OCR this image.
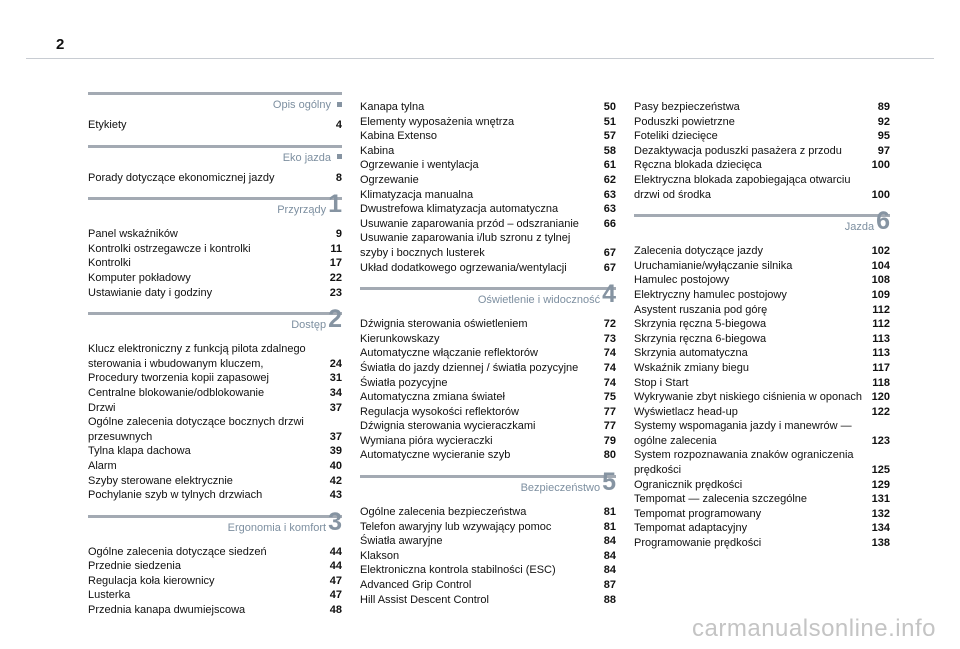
2
Opis ogólny
Etykiety	4
Eko jazda
Porady dotyczące ekonomicznej jazdy	8
Przyrządy1
Panel wskaźników	9
Kontrolki ostrzegawcze i kontrolki	11
Kontrolki	17
Komputer pokładowy	22
Ustawianie daty i godziny	23
Dostęp2
Klucz elektroniczny z funkcją pilota zdalnego sterowania i wbudowanym kluczem,	24
Procedury tworzenia kopii zapasowej	31
Centralne blokowanie/odblokowanie	34
Drzwi	37
Ogólne zalecenia dotyczące bocznych drzwi przesuwnych	37
Tylna klapa dachowa	39
Alarm	40
Szyby sterowane elektrycznie	42
Pochylanie szyb w tylnych drzwiach	43
Ergonomia i komfort3
Ogólne zalecenia dotyczące siedzeń	44
Przednie siedzenia	44
Regulacja koła kierownicy	47
Lusterka	47
Przednia kanapa dwumiejscowa	48
Kanapa tylna	50
Elementy wyposażenia wnętrza	51
Kabina Extenso	57
Kabina	58
Ogrzewanie i wentylacja	61
Ogrzewanie	62
Klimatyzacja manualna	63
Dwustrefowa klimatyzacja automatyczna	63
Usuwanie zaparowania przód – odszranianie	66
Usuwanie zaparowania i/lub szronu z tylnej szyby i bocznych lusterek	67
Układ dodatkowego ogrzewania/wentylacji	67
Oświetlenie i widoczność4
Dźwignia sterowania oświetleniem	72
Kierunkowskazy	73
Automatyczne włączanie reflektorów	74
Światła do jazdy dziennej / światła pozycyjne	74
Światła pozycyjne	74
Automatyczna zmiana świateł	75
Regulacja wysokości reflektorów	77
Dźwignia sterowania wycieraczkami	77
Wymiana pióra wycieraczki	79
Automatyczne wycieranie szyb	80
Bezpieczeństwo5
Ogólne zalecenia bezpieczeństwa	81
Telefon awaryjny lub wzywający pomoc	81
Światła awaryjne	84
Klakson	84
Elektroniczna kontrola stabilności (ESC)	84
Advanced Grip Control	87
Hill Assist Descent Control	88
Pasy bezpieczeństwa	89
Poduszki powietrzne	92
Foteliki dziecięce	95
Dezaktywacja poduszki pasażera z przodu	97
Ręczna blokada dziecięca	100
Elektryczna blokada zapobiegająca otwarciu drzwi od środka	100
Jazda6
Zalecenia dotyczące jazdy	102
Uruchamianie/wyłączanie silnika	104
Hamulec postojowy	108
Elektryczny hamulec postojowy	109
Asystent ruszania pod górę	112
Skrzynia ręczna 5-biegowa	112
Skrzynia ręczna 6-biegowa	113
Skrzynia automatyczna	113
Wskaźnik zmiany biegu	117
Stop i Start	118
Wykrywanie zbyt niskiego ciśnienia w oponach 120
Wyświetlacz head-up	122
Systemy wspomagania jazdy i manewrów — ogólne zalecenia	123
System rozpoznawania znaków ograniczenia prędkości	125
Ogranicznik prędkości	129
Tempomat — zalecenia szczególne	131
Tempomat programowany	132
Tempomat adaptacyjny	134
Programowanie prędkości	138
carmanualsonline.info
